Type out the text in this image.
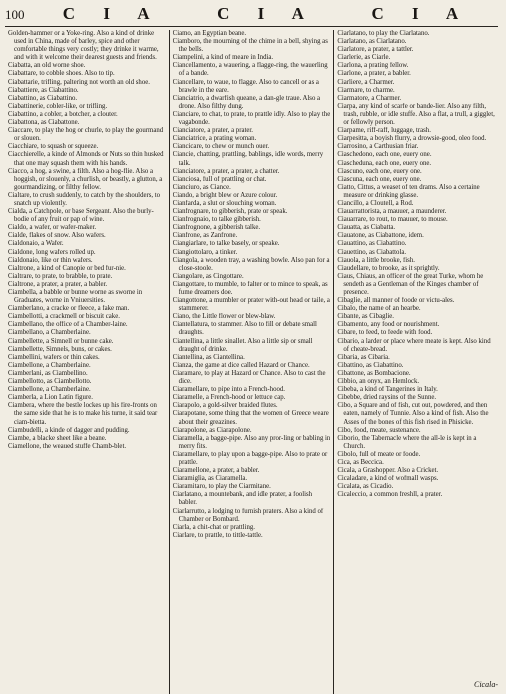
100	C I A	C I A	C I A

Golden-hammer or a Yoke-ring. Also a kind of drinke used in China, made of barley, spice and other comfortable things very costly; they drinke it warme, and with it welcome their dearest guests and friends.

Ciabatta, an old worne shoe.

Ciabattare, to cobble shoes. Also to tip.

Ciabattarie, trifling, paltering not worth an old shoe.

Ciabattiere, as Ciabattino.

Ciabattino, as Ciabattino.

Ciabattinerie, cobler-like, or trifling.

Ciabattino, a cobler, a botcher, a clouter.

Ciabattona, as Ciabattone.

Ciaccare, to play the hog or churle, to play the gourmand or slouen.

Ciacchiare, to squash or squeeze.

Ciacchierelle, a kinde of Almonds or Nuts so thin husked that one may squash them with his hands.

Ciacco, a hog, a swine, a filth. Also a hog-flie. Also a hoggish, or slouenly, a churlish, or beastly, a glutton, a gourmandizing, or filthy fellow.

Cialtare, to crush suddenly, to catch by the shoulders, to snatch up violently.

Cialda, a Catchpole, or base Sergeant. Also the burly-bodie of any fruit or pap of wine.

Cialdo, a wafer, or wafer-maker.

Cialde, flakes of snow. Also wafers.

Cialdonaio, a Wafer.

Cialdone, long wafers rolled up.

Cialdonaio, like or thin wafers.

Cialtrone, a kind of Canopie or bed fur-nie.

Cialtrare, to prate, to brabble, to prate.

Cialtrone, a prater, a prater, a babler.

Ciambella, a babble or bunne worne as sworne in Graduates, worne in Vniuersities.

Ciamberlano, a cracke or fleece, a fake man.

Ciambellotti, a crackmell or biscuit cake.

Ciambellano, the office of a Chamber-laine.

Ciambellano, a Chamberlaine.

Ciambellette, a Simnell or bunne cake.

Ciambellette, Simnels, buns, or cakes.

Ciambellini, wafers or thin cakes.

Ciambellone, a Chamberlaine.

Ciamberlani, as Ciambellino.

Ciambellotto, as Ciambellotto.

Ciambellone, a Chamberlaine.

Ciamberla, a Lion Latin figure.

Ciambera, where the bestle lockes up his fire-fronts on the same side that he is to make his turne, it said tear ciam-bietta.

Ciambudelli, a kinde of dagger and pudding.

Ciambe, a blacke sheet like a beane.

Ciamellone, the weaued stuffe Chamb-blet.

Ciamo, an Egyptian beane.

Ciamboro, the mourning of the chime in a bell, shying as the bells.

Ciampelini, a kind of meare in India.

Ciancellamento, a wauering, a flagge-ring, the wauerling of a bande.

Ciancellare, to waue, to flagge. Also to cancell or as a brawle in the eare.

Cianciatrio, a dwarfish queane, a dan-gle traue. Also a drone. Also filthy dung.

Cianciare, to chat, to prate, to prattle idly. Also to play the vagabonde.

Cianciatore, a prater, a prater.

Cianciatrice, a prating woman.

Ciancicare, to chew or munch ouer.

Ciancie, chatting, prattling, bablings, idle words, merry talk.

Cianciatore, a prater, a prater, a chatter.

Cianciosa, full of prattling or chat.

Cianciuro, as Ciance.

Ciando, a bright blew or Azure colour.

Cianfarda, a slut or slouching woman.

Cianfrognare, to gibberish, prate or speak.

Cianfrognaio, to talke gibberish.

Cianfrognone, a gibberish talke.

Cianfrone, as Zanfrone.

Ciangiarlare, to talke basely, or speake.

Ciangiottolaro, a tinker.

Ciangola, a wooden tray, a washing bowle. Also pan for a close-stoole.

Ciangolare, as Cingottare.

Ciangottare, to mumble, to falter or to mince to speak, as fume dreamers doe.

Ciangottone, a mumbler or prater with-out head or taile, a stammerer.

Ciano, the Little flower or blew-blaw.

Ciantellatura, to stammer. Also to fill or debate small draughts.

Ciantellina, a little sinallet. Also a little sip or small draught of drinke.

Ciantellina, as Ciantellina.

Cianza, the game at dice called Hazard or Chance.

Ciaramare, to play at Hazard or Chance. Also to cast the dice.

Ciaramellare, to pipe into a French-hood.

Ciaramelle, a French-hood or lettuce cap.

Ciarapolo, a gold-silver braided flutes.

Ciarapotane, some thing that the women of Greece weare about their greazines.

Ciarapolone, as Ciarapolone.

Ciaramella, a bagge-pipe. Also any pror-ling or babling in merry fits.

Ciaramellare, to play upon a bagge-pipe. Also to prate or prattle.

Ciaramellone, a prater, a babler.

Ciaramiglia, as Ciaramella.

Ciaramitaro, to play the Ciarmitane.

Ciarlatano, a mountebank, and idle prater, a foolish babler.

Ciarlarrutto, a lodging to furnish praters. Also a kind of Chamber or Bombard.

Ciarla, a chit-chat or prattling.

Ciarlare, to prattle, to tittle-tattle.

Ciarlatano, to play the Ciarlatano.

Ciarlatano, as Ciarlatano.

Ciarlatore, a prater, a tattler.

Ciarlerie, as Ciarle.

Ciarlona, a prating fellow.

Ciarlone, a prater, a babler.

Ciarliere, a Charmer.

Ciarmare, to charme.

Ciarmatore, a Charmer.

Ciarpa, any kind of scarfe or bande-lier. Also any filth, trash, rubble, or idle stuffe. Also a flat, a trull, a gigglet, or fellowly person.

Ciarpame, riff-raff, luggage, trash.

Ciarpesitta, a boyish flurry, a drowsie-good, oleo food.

Ciarrosino, a Carthusian friar.

Ciaschedono, each one, euery one.

Ciascheduna, each one, euery one.

Ciascuno, each one, euery one.

Ciascuna, each one, euery one.

Ciatto, Cittus, a weaset of ten drams. Also a certaine measure or drinking glasse.

Ciancillo, a Cloutell, a Rod.

Ciauarrattorista, a mauuer, a maunderer.

Ciauarrare, to rout, to mauuer, to mouse.

Ciauatta, as Ciabatta.

Ciauatone, as Ciabattone, idem.

Ciauattino, as Ciabattino.

Ciauettino, as Ciabattola.

Ciauola, a little brooke, fish.

Ciaudellare, to brooke, as it sprightly.

Ciaus, Chiaus, an officer of the great Turke, whom he sendeth as a Gentleman of the Kinges chamber of presence.

Cibaglie, all manner of foode or victu-ales.

Cibalo, the name of an hearbe.

Cibante, as Cibaglie.

Cibamento, any food or nourishment.

Cibare, to feed, to feede with food.

Cibario, a larder or place where meate is kept. Also kind of cheate-bread.

Cibaria, as Cibaria.

Cibattino, as Ciabattino.

Cibattone, as Bombacione.

Cibbio, an onyx, an Hemlock.

Cibeba, a kind of Tangerines in Italy.

Cibebbe, dried raysins of the Sunne.

Cibo, a Square and of fish, cut out, powdered, and then eaten, namely of Tunnie. Also a kind of fish. Also the Asses of the bones of this fish rised in Phisicke.

Cibo, food, meate, sustenance.

Ciborio, the Tabernacle where the all-le is kept in a Church.

Cibolo, full of meate or foode.

Cica, as Beccica.

Cicala, a Grashopper. Also a Cricket.

Cicaladare, a kind of wofmall wasps.

Cicalata, as Cicadio.

Cicaleccio, a common freshll, a prater.

Cicala-
